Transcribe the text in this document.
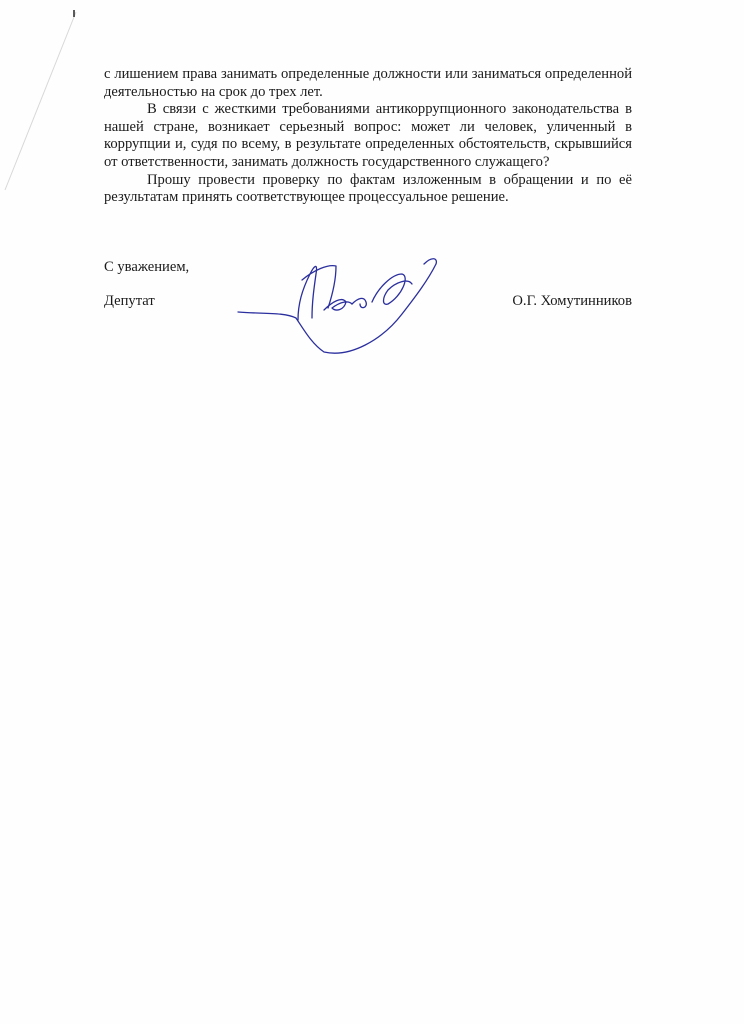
с лишением права занимать определенные должности или заниматься определенной деятельностью на срок до трех лет.

В связи с жесткими требованиями антикоррупционного законодательства в нашей стране, возникает серьезный вопрос: может ли человек, уличенный в коррупции и, судя по всему, в результате определенных обстоятельств, скрывшийся от ответственности, занимать должность государственного служащего?

Прошу провести проверку по фактам изложенным в обращении и по её результатам принять соответствующее процессуальное решение.

С уважением,
Депутат	О.Г. Хомутинников
